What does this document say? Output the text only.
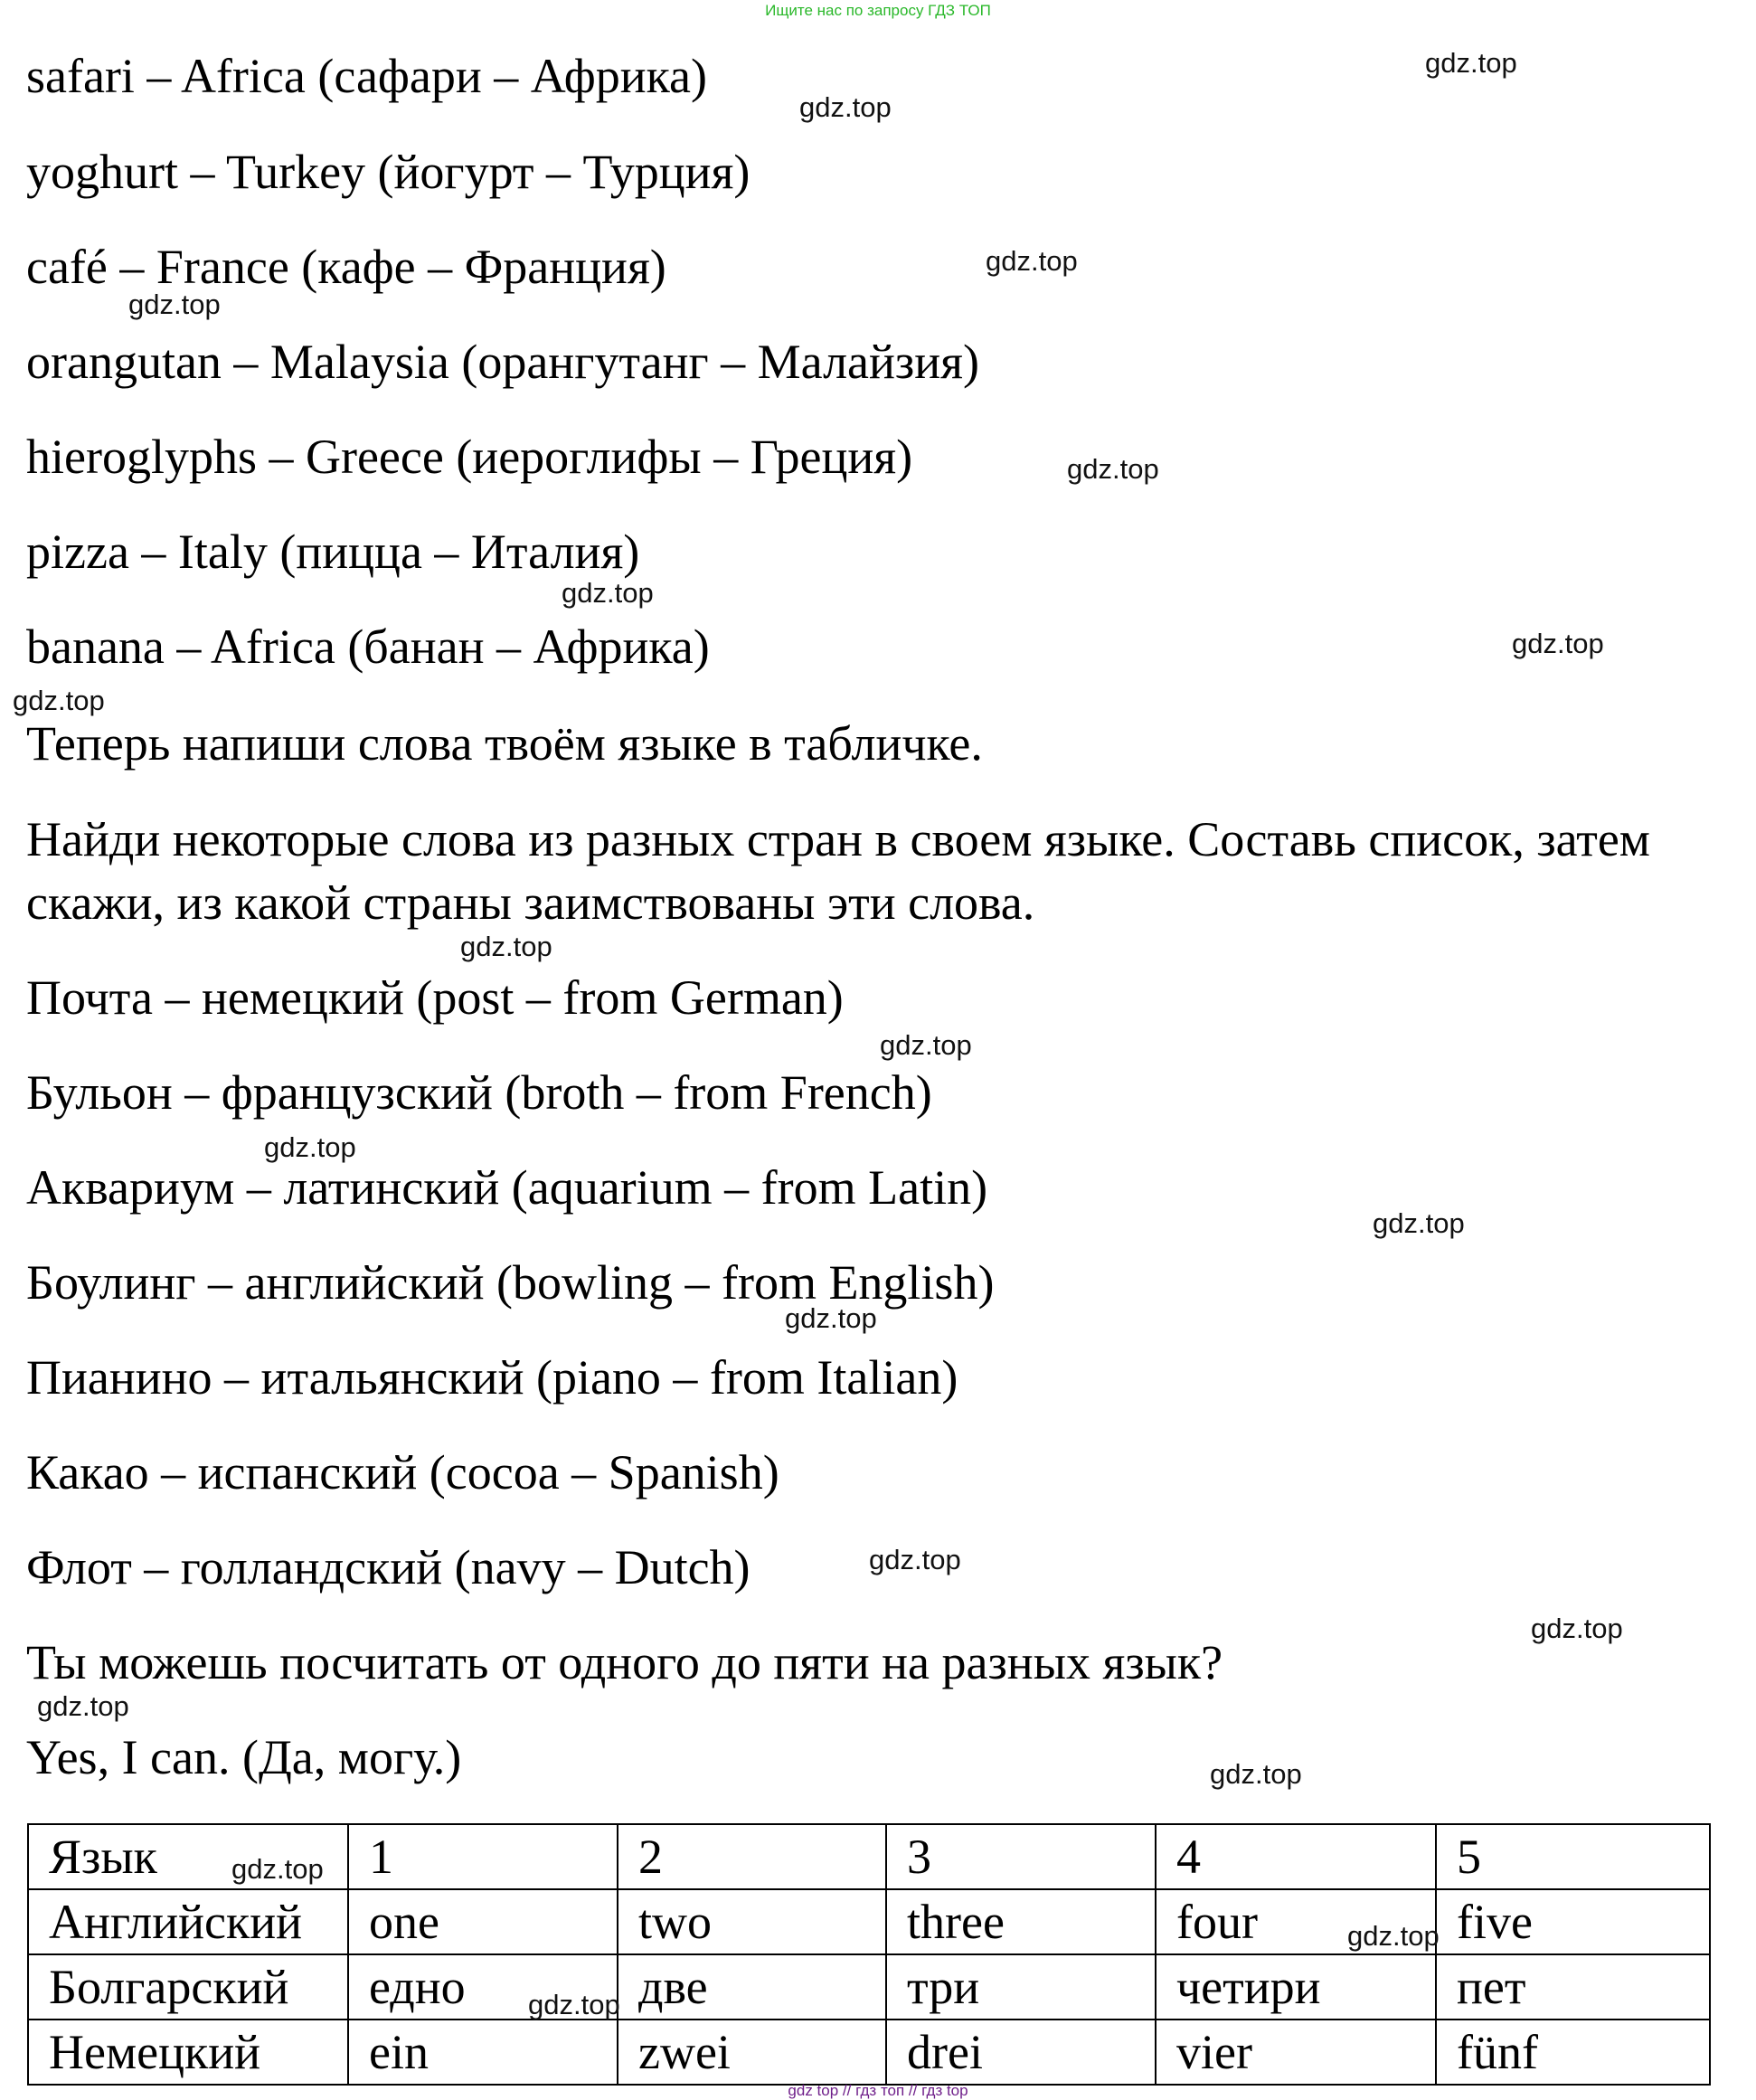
Ищите нас по запросу ГДЗ ТОП
safari – Africa (сафари – Африка)
yoghurt – Turkey (йогурт – Турция)
café – France (кафе – Франция)
orangutan – Malaysia (орангутанг – Малайзия)
hieroglyphs – Greece (иероглифы – Греция)
pizza – Italy (пицца – Италия)
banana – Africa (банан – Африка)
Теперь напиши слова твоём языке в табличке.
Найди некоторые слова из разных стран в своем языке. Составь список, затем скажи, из какой страны заимствованы эти слова.
Почта – немецкий (post – from German)
Бульон – французский (broth – from French)
Аквариум – латинский (aquarium – from Latin)
Боулинг – английский (bowling – from English)
Пианино – итальянский (piano – from Italian)
Какао – испанский (cocoa – Spanish)
Флот – голландский (navy – Dutch)
Ты можешь посчитать от одного до пяти на разных язык?
Yes, I can. (Да, могу.)
Язык	1	2	3	4	5
Английский	one	two	three	four	five
Болгарский	едно	две	три	четири	пет
Немецкий	ein	zwei	drei	vier	fünf
gdz.top
gdz.top
gdz.top
gdz.top
gdz.top
gdz.top
gdz.top
gdz.top
gdz.top
gdz.top
gdz.top
gdz.top
gdz.top
gdz.top
gdz.top
gdz.top
gdz.top
gdz.top
gdz.top
gdz.top
gdz top // гдз топ // гдз top
